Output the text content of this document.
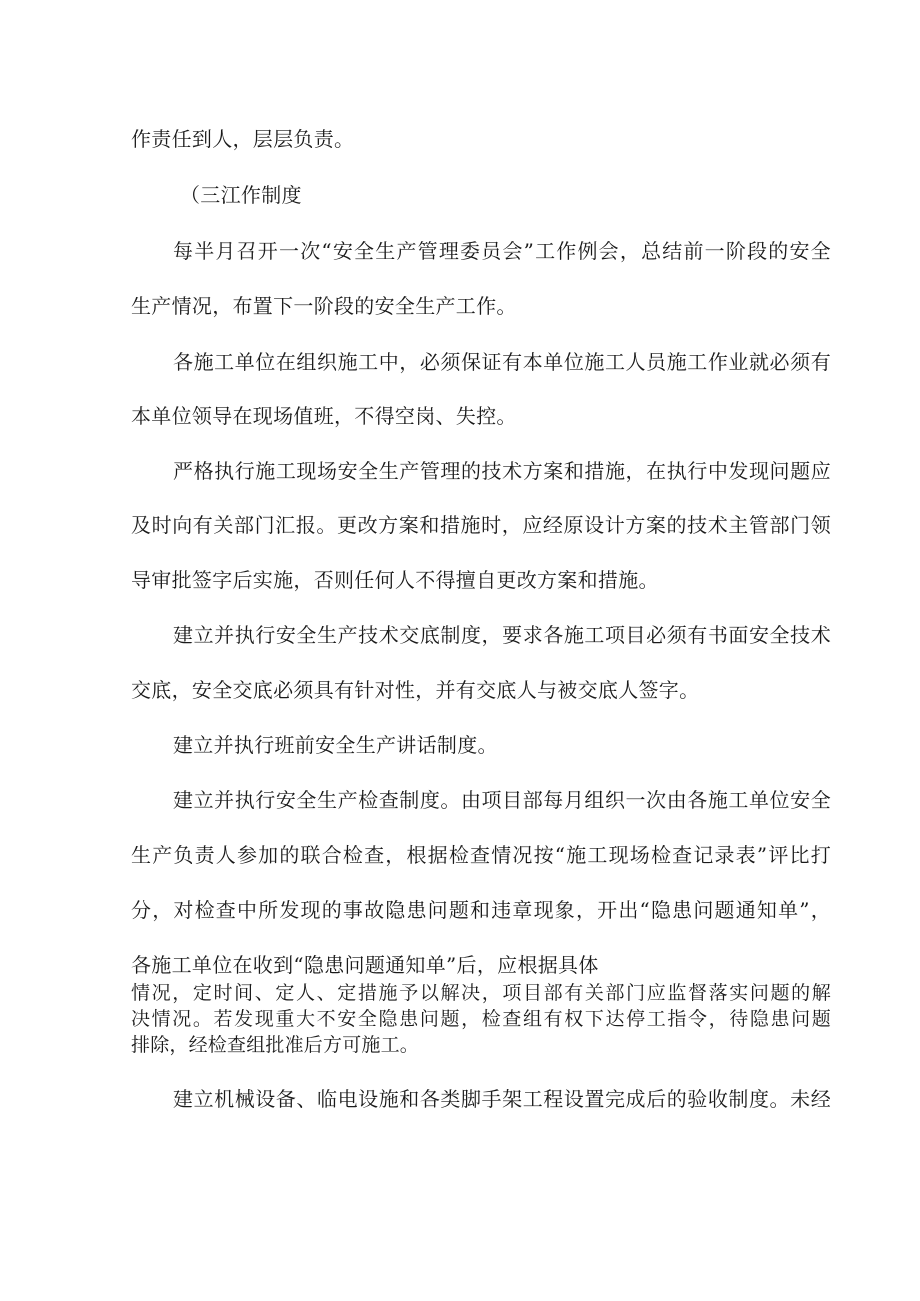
作责任到人，层层负责。
（三江作制度
每半月召开一次“安全生产管理委员会”工作例会，总结前一阶段的安全
生产情况，布置下一阶段的安全生产工作。
各施工单位在组织施工中，必须保证有本单位施工人员施工作业就必须有
本单位领导在现场值班，不得空岗、失控。
严格执行施工现场安全生产管理的技术方案和措施，在执行中发现问题应
及时向有关部门汇报。更改方案和措施时，应经原设计方案的技术主管部门领
导审批签字后实施，否则任何人不得擅自更改方案和措施。
建立并执行安全生产技术交底制度，要求各施工项目必须有书面安全技术
交底，安全交底必须具有针对性，并有交底人与被交底人签字。
建立并执行班前安全生产讲话制度。
建立并执行安全生产检查制度。由项目部每月组织一次由各施工单位安全
生产负责人参加的联合检查，根据检查情况按“施工现场检查记录表”评比打
分，对检查中所发现的事故隐患问题和违章现象，开出“隐患问题通知单”，
各施工单位在收到“隐患问题通知单”后，应根据具体
情况，定时间、定人、定措施予以解决，项目部有关部门应监督落实问题的解
决情况。若发现重大不安全隐患问题，检查组有权下达停工指令，待隐患问题
排除，经检查组批准后方可施工。
建立机械设备、临电设施和各类脚手架工程设置完成后的验收制度。未经
